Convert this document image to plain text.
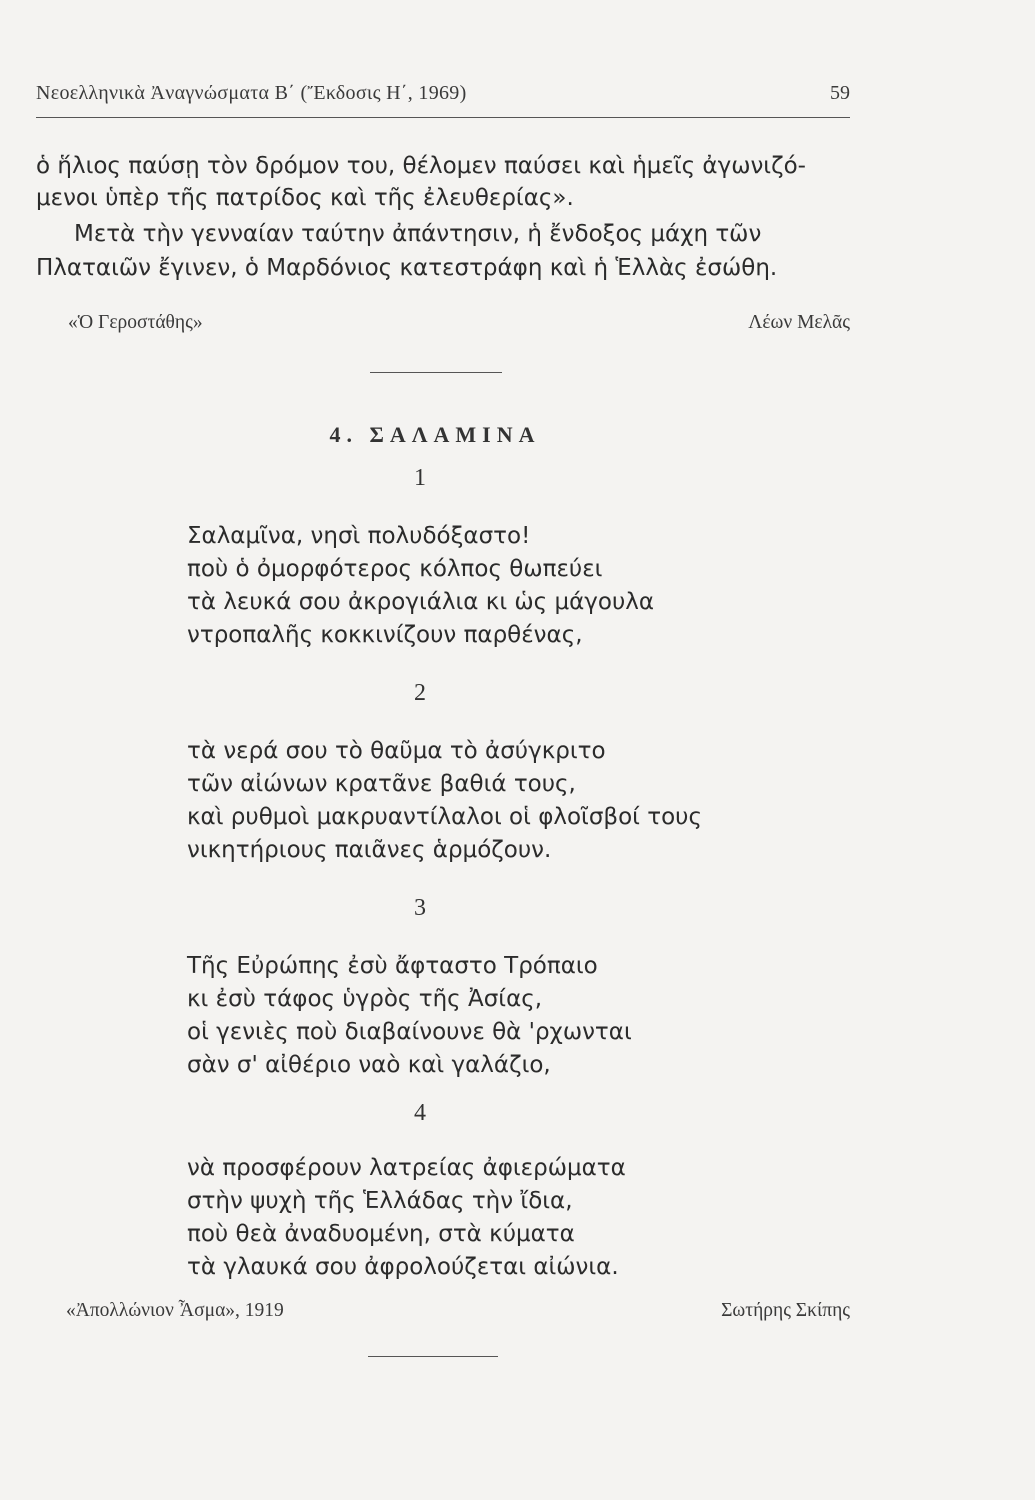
Νεοελληνικὰ Ἀναγνώσματα Β΄ (Ἔκδοσις Η΄, 1969)	59
ὁ ἥλιος παύσῃ τὸν δρόμον του, θέλομεν παύσει καὶ ἡμεῖς ἀγωνιζό-
μενοι ὑπὲρ τῆς πατρίδος καὶ τῆς ἐλευθερίας».
Μετὰ τὴν γενναίαν ταύτην ἀπάντησιν, ἡ ἔνδοξος μάχη τῶν
Πλαταιῶν ἔγινεν, ὁ Μαρδόνιος κατεστράφη καὶ ἡ Ἑλλὰς ἐσώθη.
«Ὁ Γεροστάθης»	Λέων Μελᾶς
4. ΣΑΛΑΜΙΝΑ
1
Σαλαμῖνα, νησὶ πολυδόξαστο!
ποὺ ὁ ὀμορφότερος κόλπος θωπεύει
τὰ λευκά σου ἀκρογιάλια κι ὡς μάγουλα
ντροπαλῆς κοκκινίζουν παρθένας,
2
τὰ νερά σου τὸ θαῦμα τὸ ἀσύγκριτο
τῶν αἰώνων κρατᾶνε βαθιά τους,
καὶ ρυθμοὶ μακρυαντίλαλοι οἱ φλοῖσβοί τους
νικητήριους παιᾶνες ἁρμόζουν.
3
Τῆς Εὐρώπης ἐσὺ ἄφταστο Τρόπαιο
κι ἐσὺ τάφος ὑγρὸς τῆς Ἀσίας,
οἱ γενιὲς ποὺ διαβαίνουνε θὰ 'ρχωνται
σὰν σ' αἰθέριο ναὸ καὶ γαλάζιο,
4
νὰ προσφέρουν λατρείας ἀφιερώματα
στὴν ψυχὴ τῆς Ἑλλάδας τὴν ἴδια,
ποὺ θεὰ ἀναδυομένη, στὰ κύματα
τὰ γλαυκά σου ἀφρολούζεται αἰώνια.
«Ἀπολλώνιον Ἆσμα», 1919	Σωτήρης Σκίπης
